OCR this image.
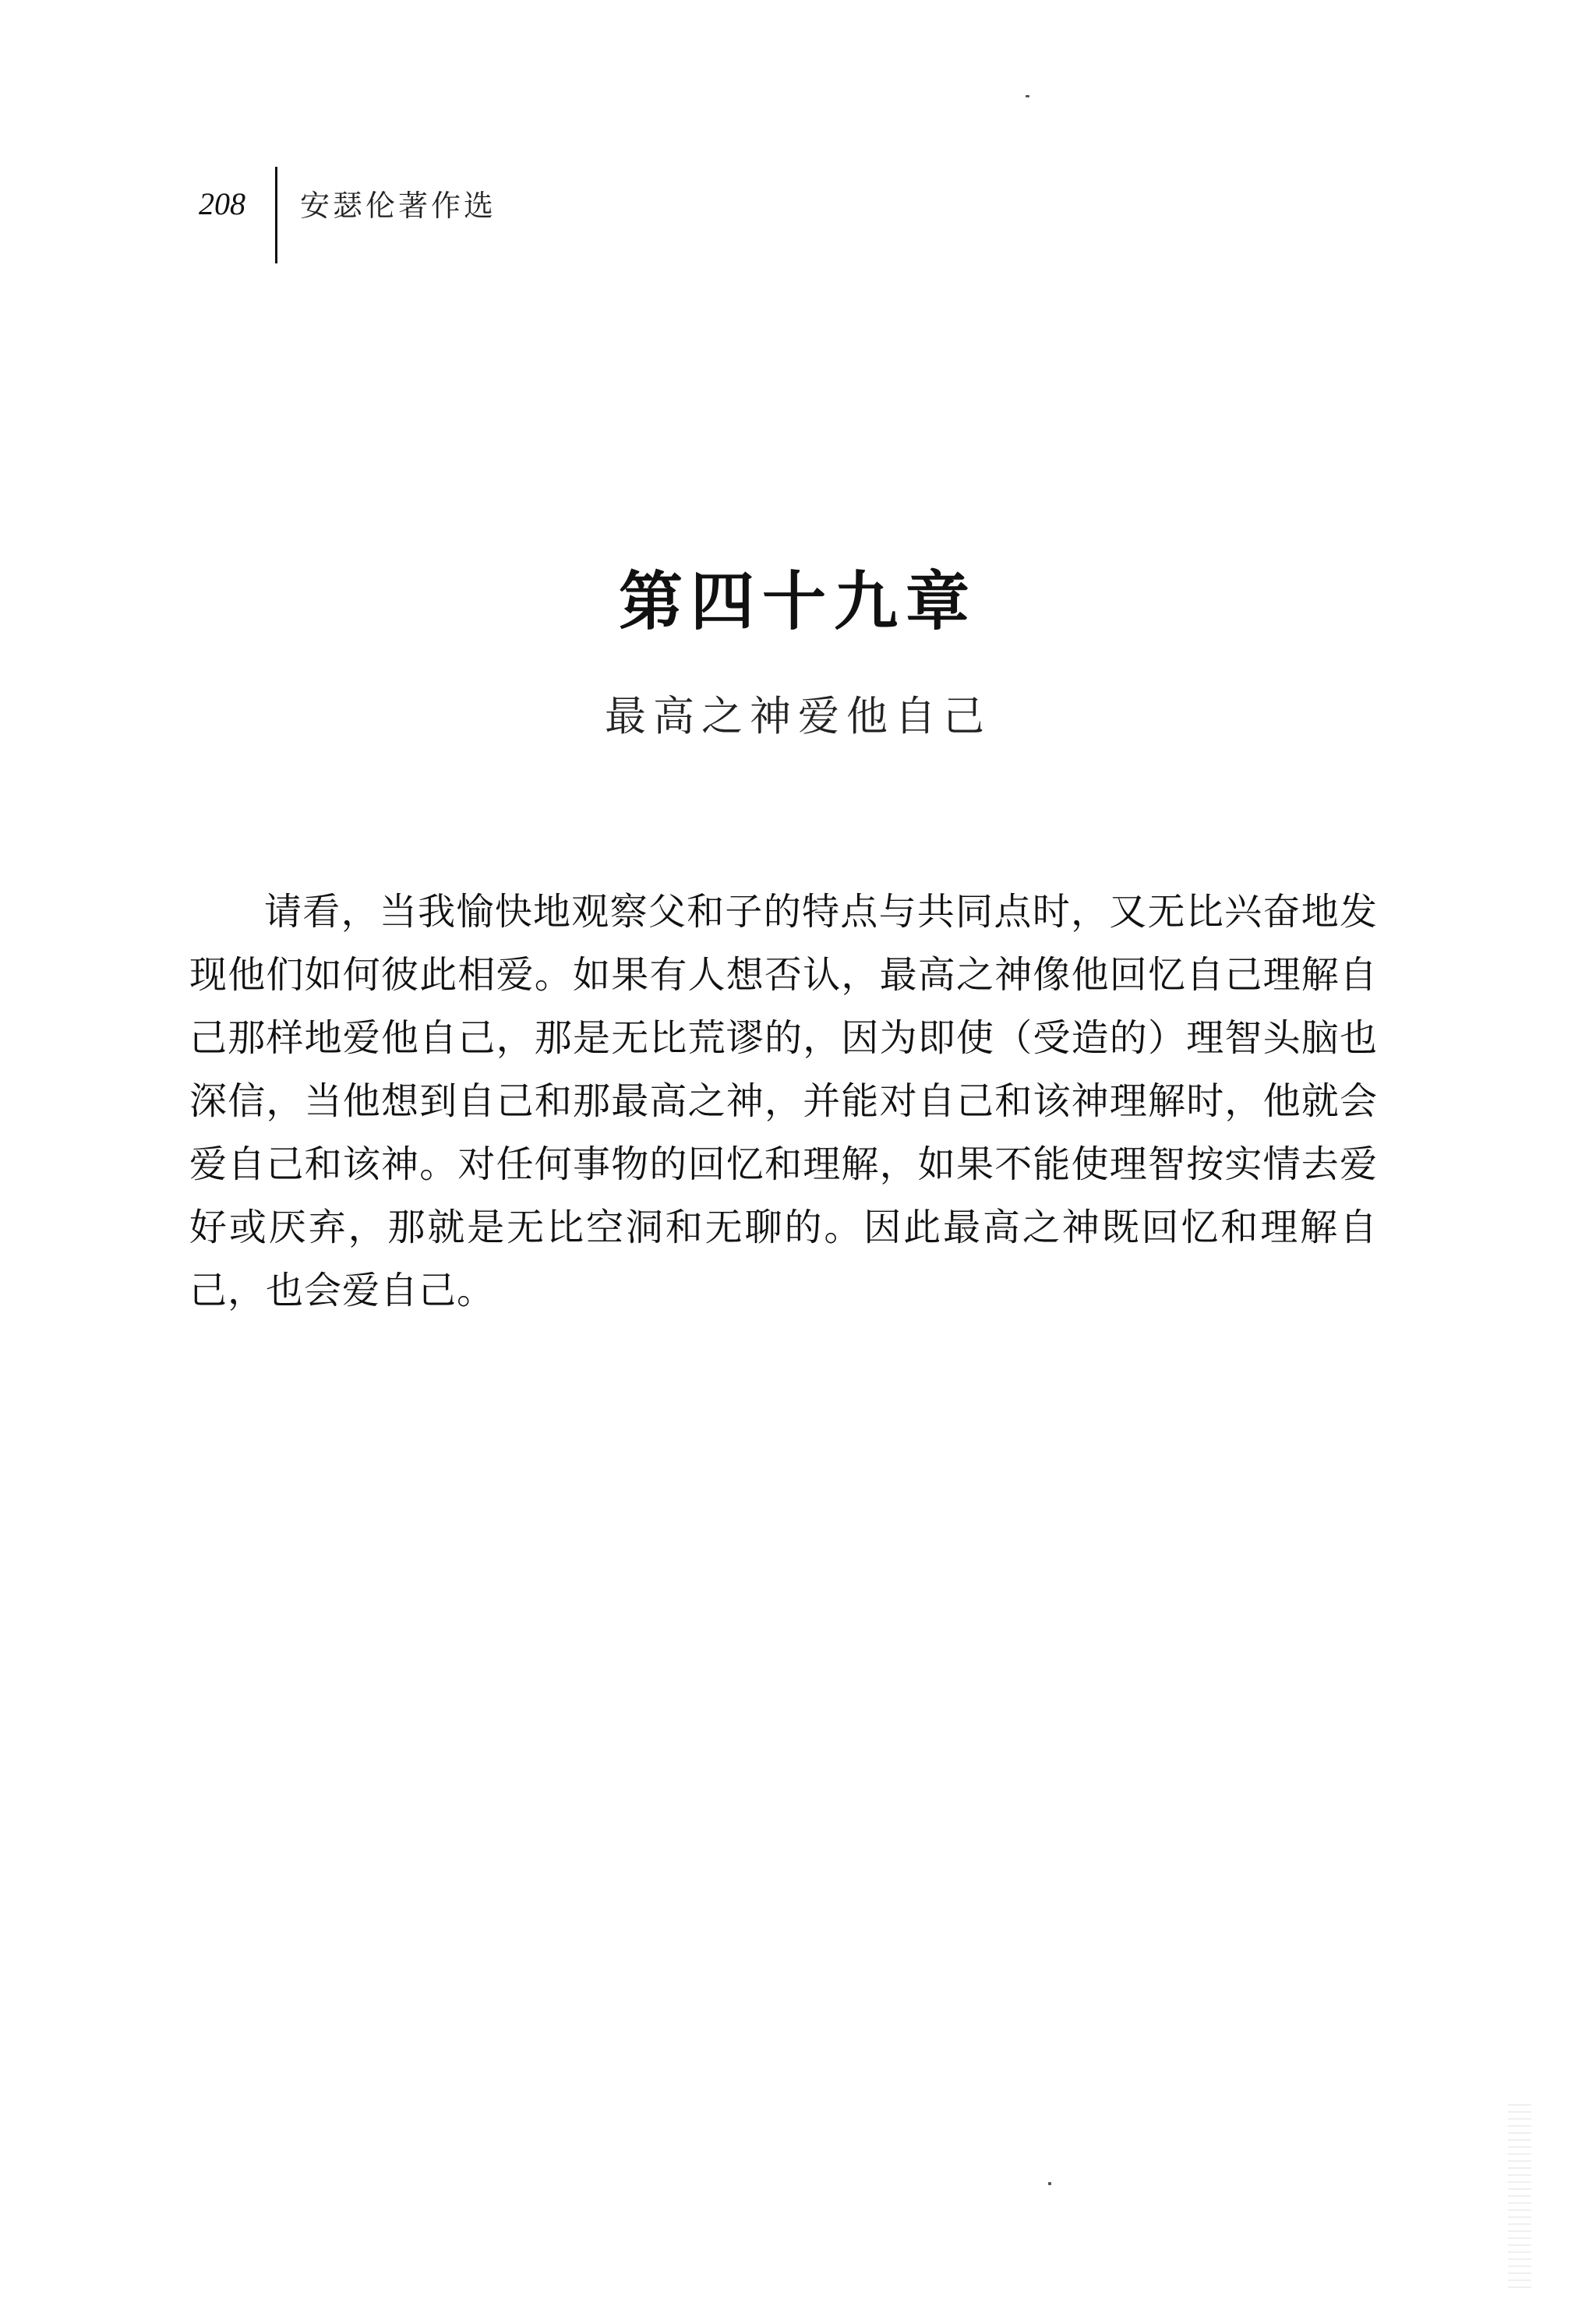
208 安瑟伦著作选
第四十九章
最高之神爱他自己

请看，当我愉快地观察父和子的特点与共同点时，又无比兴奋地发现他们如何彼此相爱。如果有人想否认，最高之神像他回忆自己理解自己那样地爱他自己，那是无比荒谬的，因为即使（受造的）理智头脑也深信，当他想到自己和那最高之神，并能对自己和该神理解时，他就会爱自己和该神。对任何事物的回忆和理解，如果不能使理智按实情去爱好或厌弃，那就是无比空洞和无聊的。因此最高之神既回忆和理解自己，也会爱自己。
